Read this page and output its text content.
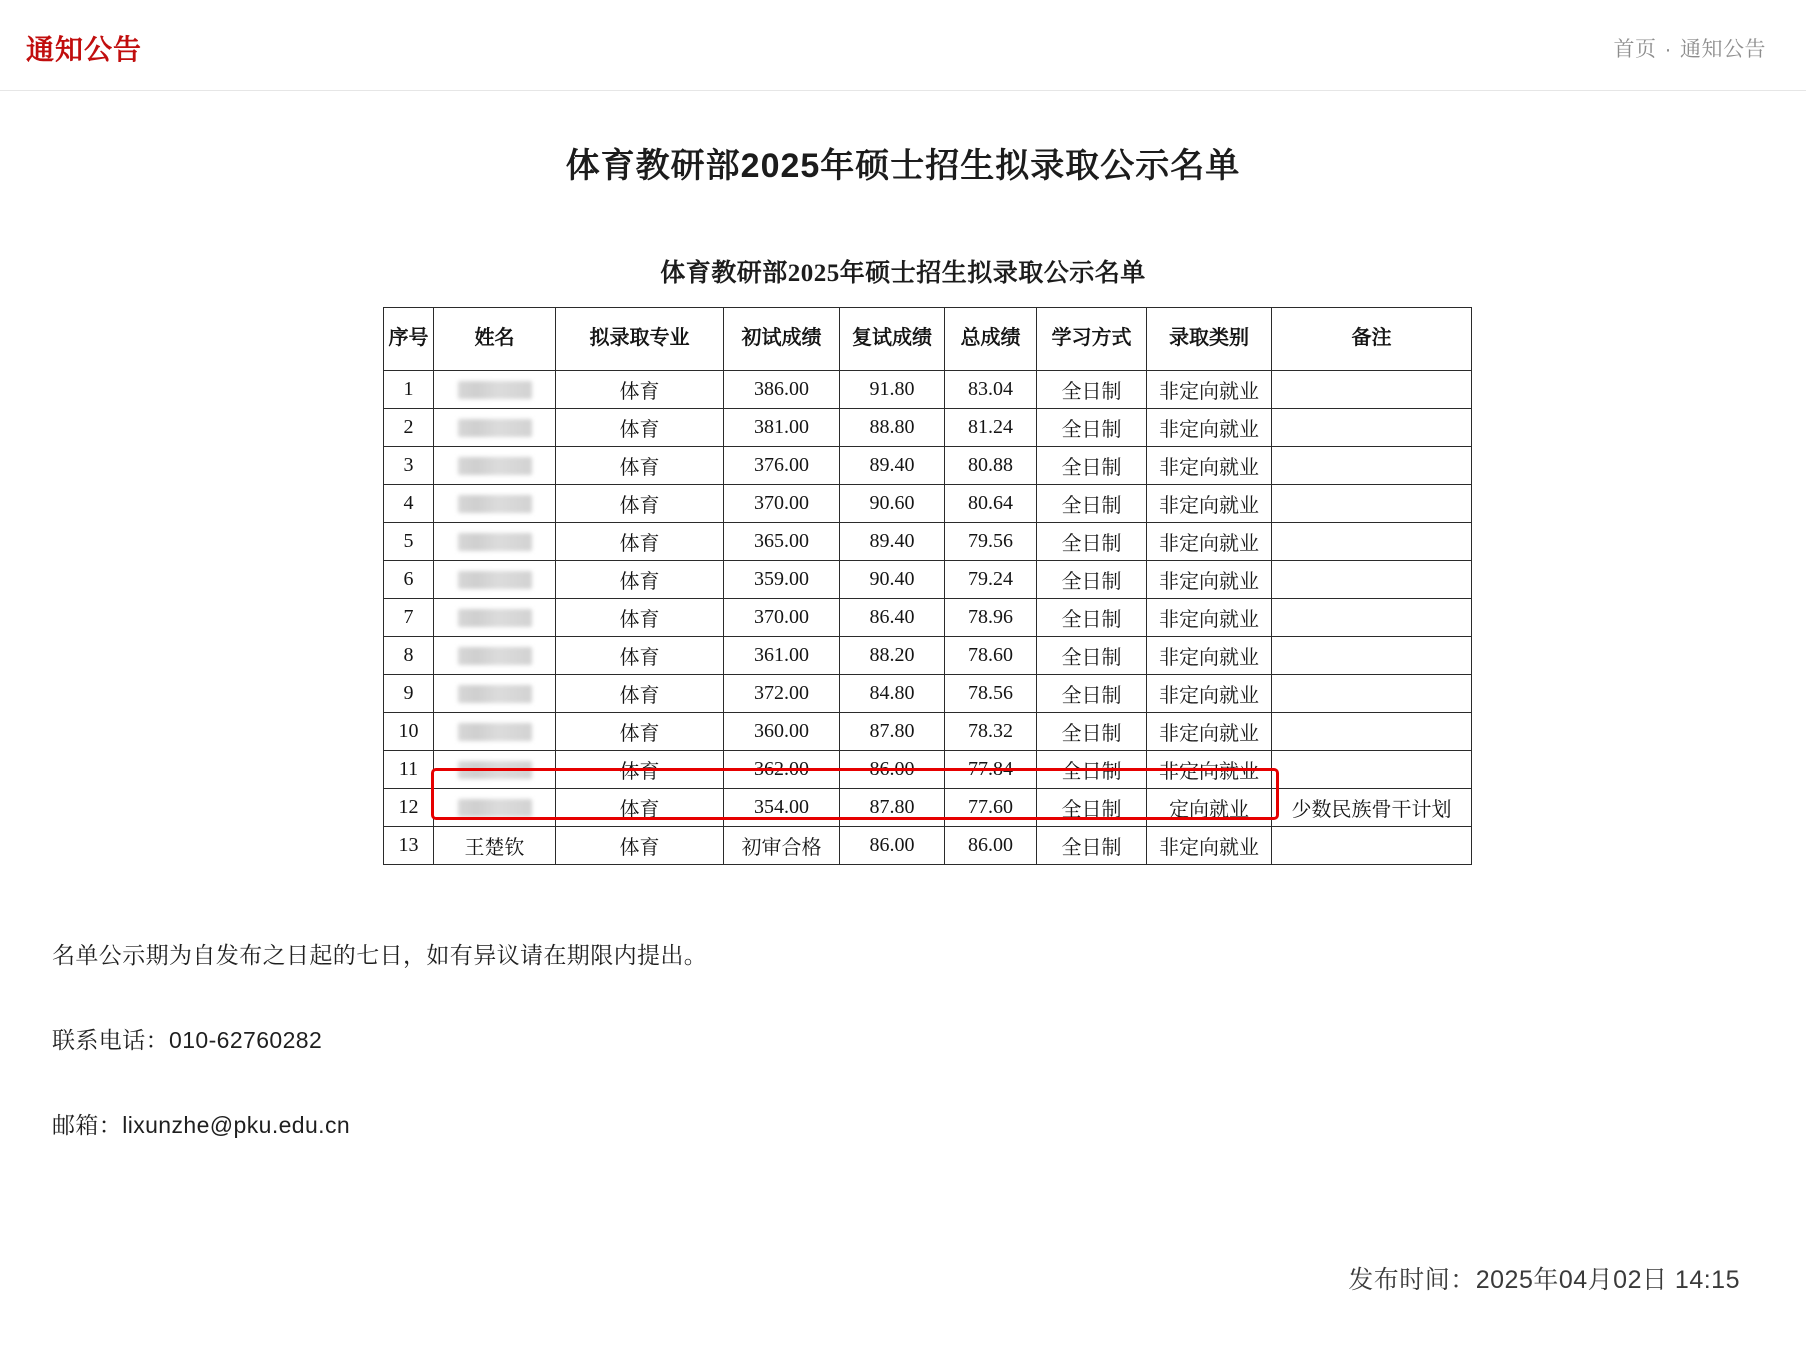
通知公告	首页 · 通知公告
体育教研部2025年硕士招生拟录取公示名单
体育教研部2025年硕士招生拟录取公示名单
序号	姓名	拟录取专业	初试成绩	复试成绩	总成绩	学习方式	录取类别	备注
1		体育	386.00	91.80	83.04	全日制	非定向就业	
2		体育	381.00	88.80	81.24	全日制	非定向就业	
3		体育	376.00	89.40	80.88	全日制	非定向就业	
4		体育	370.00	90.60	80.64	全日制	非定向就业	
5		体育	365.00	89.40	79.56	全日制	非定向就业	
6		体育	359.00	90.40	79.24	全日制	非定向就业	
7		体育	370.00	86.40	78.96	全日制	非定向就业	
8		体育	361.00	88.20	78.60	全日制	非定向就业	
9		体育	372.00	84.80	78.56	全日制	非定向就业	
10		体育	360.00	87.80	78.32	全日制	非定向就业	
11		体育	362.00	86.00	77.84	全日制	非定向就业	
12		体育	354.00	87.80	77.60	全日制	定向就业	少数民族骨干计划
13	王楚钦	体育	初审合格	86.00	86.00	全日制	非定向就业	

名单公示期为自发布之日起的七日，如有异议请在期限内提出。

联系电话：010-62760282

邮箱：lixunzhe@pku.edu.cn

发布时间：2025年04月02日 14:15
